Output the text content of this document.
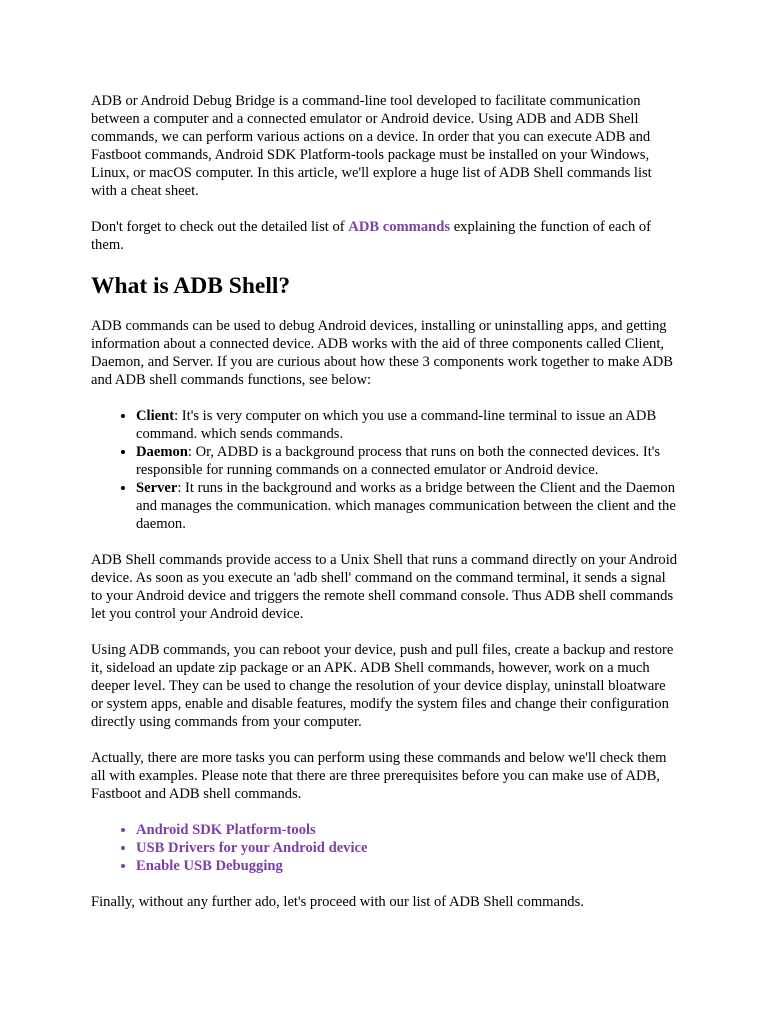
ADB or Android Debug Bridge is a command-line tool developed to facilitate communication between a computer and a connected emulator or Android device. Using ADB and ADB Shell commands, we can perform various actions on a device. In order that you can execute ADB and Fastboot commands, Android SDK Platform-tools package must be installed on your Windows, Linux, or macOS computer. In this article, we'll explore a huge list of ADB Shell commands list with a cheat sheet.

Don't forget to check out the detailed list of ADB commands explaining the function of each of them.

What is ADB Shell?

ADB commands can be used to debug Android devices, installing or uninstalling apps, and getting information about a connected device. ADB works with the aid of three components called Client, Daemon, and Server. If you are curious about how these 3 components work together to make ADB and ADB shell commands functions, see below:

• Client: It's is very computer on which you use a command-line terminal to issue an ADB command. which sends commands.
• Daemon: Or, ADBD is a background process that runs on both the connected devices. It's responsible for running commands on a connected emulator or Android device.
• Server: It runs in the background and works as a bridge between the Client and the Daemon and manages the communication. which manages communication between the client and the daemon.

ADB Shell commands provide access to a Unix Shell that runs a command directly on your Android device. As soon as you execute an 'adb shell' command on the command terminal, it sends a signal to your Android device and triggers the remote shell command console. Thus ADB shell commands let you control your Android device.

Using ADB commands, you can reboot your device, push and pull files, create a backup and restore it, sideload an update zip package or an APK. ADB Shell commands, however, work on a much deeper level. They can be used to change the resolution of your device display, uninstall bloatware or system apps, enable and disable features, modify the system files and change their configuration directly using commands from your computer.

Actually, there are more tasks you can perform using these commands and below we'll check them all with examples. Please note that there are three prerequisites before you can make use of ADB, Fastboot and ADB shell commands.

• Android SDK Platform-tools
• USB Drivers for your Android device
• Enable USB Debugging

Finally, without any further ado, let's proceed with our list of ADB Shell commands.
